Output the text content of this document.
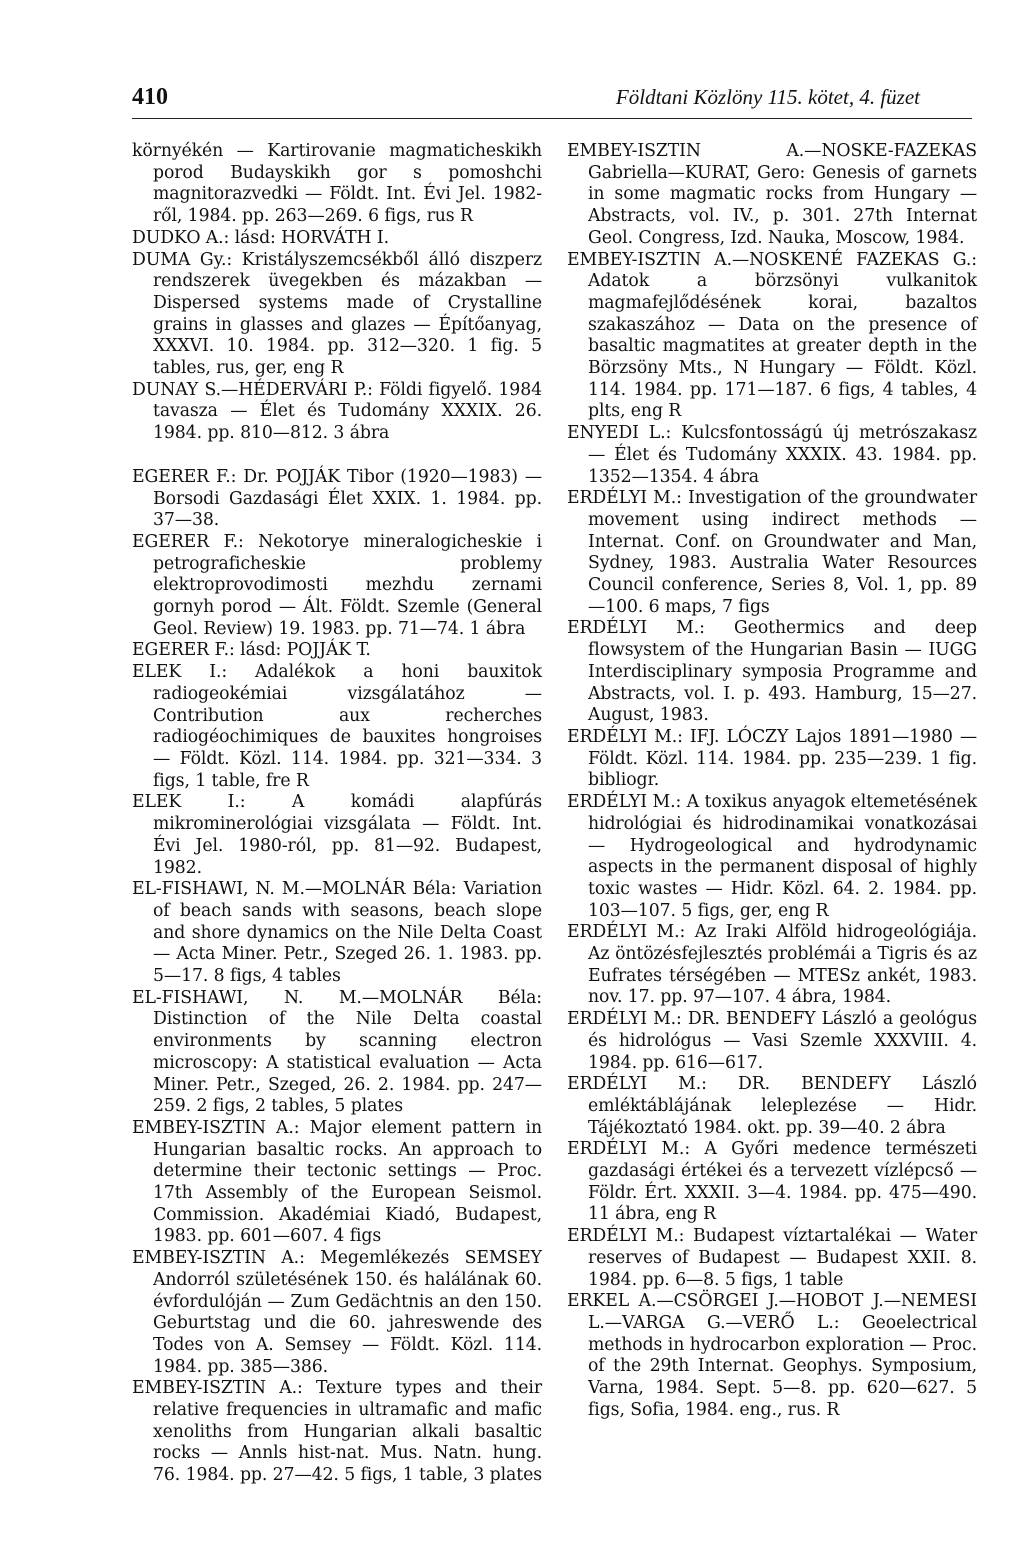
410	Földtani Közlöny 115. kötet, 4. füzet

környékén — Kartirovanie magmaticheskikh porod Budayskikh gor s pomoshchi magnitorazvedki — Földt. Int. Évi Jel. 1982-ről, 1984. pp. 263—269. 6 figs, rus R

DUDKO A.: lásd: HORVÁTH I.

DUMA Gy.: Kristályszemcsékből álló diszperz rendszerek üvegekben és mázakban — Dispersed systems made of Crystalline grains in glasses and glazes — Építőanyag, XXXVI. 10. 1984. pp. 312—320. 1 fig. 5 tables, rus, ger, eng R

DUNAY S.—HÉDERVÁRI P.: Földi figyelő. 1984 tavasza — Élet és Tudomány XXXIX. 26. 1984. pp. 810—812. 3 ábra

EGERER F.: Dr. POJJÁK Tibor (1920—1983) — Borsodi Gazdasági Élet XXIX. 1. 1984. pp. 37—38.

EGERER F.: Nekotorye mineralogicheskie i petrograficheskie problemy elektroprovodimosti mezhdu zernami gornyh porod — Ált. Földt. Szemle (General Geol. Review) 19. 1983. pp. 71—74. 1 ábra

EGERER F.: lásd: POJJÁK T.

ELEK I.: Adalékok a honi bauxitok radiogeokémiai vizsgálatához — Contribution aux recherches radiogéochimiques de bauxites hongroises — Földt. Közl. 114. 1984. pp. 321—334. 3 figs, 1 table, fre R

ELEK I.: A komádi alapfúrás mikrominerológiai vizsgálata — Földt. Int. Évi Jel. 1980-ról, pp. 81—92. Budapest, 1982.

EL-FISHAWI, N. M.—MOLNÁR Béla: Variation of beach sands with seasons, beach slope and shore dynamics on the Nile Delta Coast — Acta Miner. Petr., Szeged 26. 1. 1983. pp. 5—17. 8 figs, 4 tables

EL-FISHAWI, N. M.—MOLNÁR Béla: Distinction of the Nile Delta coastal environments by scanning electron microscopy: A statistical evaluation — Acta Miner. Petr., Szeged, 26. 2. 1984. pp. 247—259. 2 figs, 2 tables, 5 plates

EMBEY-ISZTIN A.: Major element pattern in Hungarian basaltic rocks. An approach to determine their tectonic settings — Proc. 17th Assembly of the European Seismol. Commission. Akadémiai Kiadó, Budapest, 1983. pp. 601—607. 4 figs

EMBEY-ISZTIN A.: Megemlékezés SEMSEY Andorról születésének 150. és halálának 60. évfordulóján — Zum Gedächtnis an den 150. Geburtstag und die 60. jahreswende des Todes von A. Semsey — Földt. Közl. 114. 1984. pp. 385—386.

EMBEY-ISZTIN A.: Texture types and their relative frequencies in ultramafic and mafic xenoliths from Hungarian alkali basaltic rocks — Annls hist-nat. Mus. Natn. hung. 76. 1984. pp. 27—42. 5 figs, 1 table, 3 plates

EMBEY-ISZTIN A.—NOSKE-FAZEKAS Gabriella—KURAT, Gero: Genesis of garnets in some magmatic rocks from Hungary — Abstracts, vol. IV., p. 301. 27th Internat Geol. Congress, Izd. Nauka, Moscow, 1984.

EMBEY-ISZTIN A.—NOSKENÉ FAZEKAS G.: Adatok a börzsönyi vulkanitok magmafejlődésének korai, bazaltos szakaszához — Data on the presence of basaltic magmatites at greater depth in the Börzsöny Mts., N Hungary — Földt. Közl. 114. 1984. pp. 171—187. 6 figs, 4 tables, 4 plts, eng R

ENYEDI L.: Kulcsfontosságú új metrószakasz — Élet és Tudomány XXXIX. 43. 1984. pp. 1352—1354. 4 ábra

ERDÉLYI M.: Investigation of the groundwater movement using indirect methods — Internat. Conf. on Groundwater and Man, Sydney, 1983. Australia Water Resources Council conference, Series 8, Vol. 1, pp. 89—100. 6 maps, 7 figs

ERDÉLYI M.: Geothermics and deep flowsystem of the Hungarian Basin — IUGG Interdisciplinary symposia Programme and Abstracts, vol. I. p. 493. Hamburg, 15—27. August, 1983.

ERDÉLYI M.: IFJ. LÓCZY Lajos 1891—1980 — Földt. Közl. 114. 1984. pp. 235—239. 1 fig. bibliogr.

ERDÉLYI M.: A toxikus anyagok eltemetésének hidrológiai és hidrodinamikai vonatkozásai — Hydrogeological and hydrodynamic aspects in the permanent disposal of highly toxic wastes — Hidr. Közl. 64. 2. 1984. pp. 103—107. 5 figs, ger, eng R

ERDÉLYI M.: Az Iraki Alföld hidrogeológiája. Az öntözésfejlesztés problémái a Tigris és az Eufrates térségében — MTESz ankét, 1983. nov. 17. pp. 97—107. 4 ábra, 1984.

ERDÉLYI M.: DR. BENDEFY László a geológus és hidrológus — Vasi Szemle XXXVIII. 4. 1984. pp. 616—617.

ERDÉLYI M.: DR. BENDEFY László emléktáblájának leleplezése — Hidr. Tájékoztató 1984. okt. pp. 39—40. 2 ábra

ERDÉLYI M.: A Győri medence természeti gazdasági értékei és a tervezett vízlépcső — Földr. Ért. XXXII. 3—4. 1984. pp. 475—490. 11 ábra, eng R

ERDÉLYI M.: Budapest víztartalékai — Water reserves of Budapest — Budapest XXII. 8. 1984. pp. 6—8. 5 figs, 1 table

ERKEL A.—CSÖRGEI J.—HOBOT J.—NEMESI L.—VARGA G.—VERŐ L.: Geoelectrical methods in hydrocarbon exploration — Proc. of the 29th Internat. Geophys. Symposium, Varna, 1984. Sept. 5—8. pp. 620—627. 5 figs, Sofia, 1984. eng., rus. R
